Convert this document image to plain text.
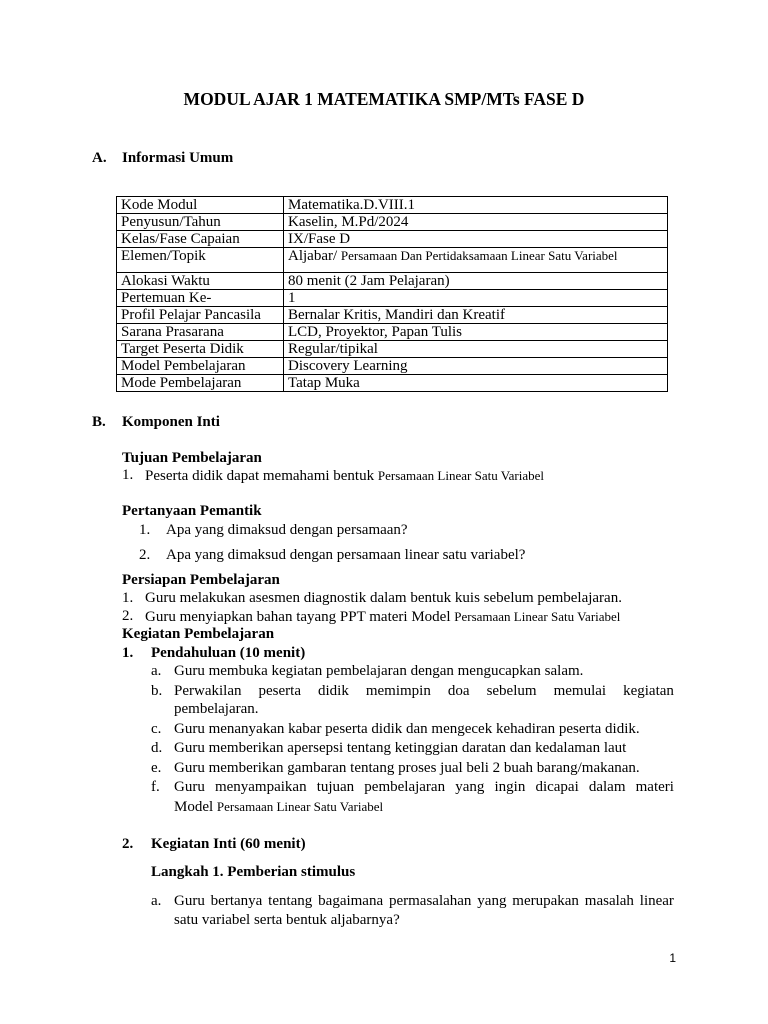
MODUL AJAR 1 MATEMATIKA SMP/MTs FASE D
A. Informasi Umum
Kode Modul	Matematika.D.VIII.1
Penyusun/Tahun	Kaselin, M.Pd/2024
Kelas/Fase Capaian	IX/Fase D
Elemen/Topik	Aljabar/ Persamaan Dan Pertidaksamaan Linear Satu Variabel
Alokasi Waktu	80 menit (2 Jam Pelajaran)
Pertemuan Ke-	1
Profil Pelajar Pancasila	Bernalar Kritis, Mandiri dan Kreatif
Sarana Prasarana	LCD, Proyektor, Papan Tulis
Target Peserta Didik	Regular/tipikal
Model Pembelajaran	Discovery Learning
Mode Pembelajaran	Tatap Muka
B. Komponen Inti
Tujuan Pembelajaran
1. Peserta didik dapat memahami bentuk Persamaan Linear Satu Variabel
Pertanyaan Pemantik
1. Apa yang dimaksud dengan persamaan?
2. Apa yang dimaksud dengan persamaan linear satu variabel?
Persiapan Pembelajaran
1. Guru melakukan asesmen diagnostik dalam bentuk kuis sebelum pembelajaran.
2. Guru menyiapkan bahan tayang PPT materi Model Persamaan Linear Satu Variabel
Kegiatan Pembelajaran
1. Pendahuluan (10 menit)
a. Guru membuka kegiatan pembelajaran dengan mengucapkan salam.
b. Perwakilan peserta didik memimpin doa sebelum memulai kegiatan
pembelajaran.
c. Guru menanyakan kabar peserta didik dan mengecek kehadiran peserta didik.
d. Guru memberikan apersepsi tentang ketinggian daratan dan kedalaman laut
e. Guru memberikan gambaran tentang proses jual beli 2 buah barang/makanan.
f. Guru menyampaikan tujuan pembelajaran yang ingin dicapai dalam materi
Model Persamaan Linear Satu Variabel
2. Kegiatan Inti (60 menit)
Langkah 1. Pemberian stimulus
a. Guru bertanya tentang bagaimana permasalahan yang merupakan masalah linear
satu variabel serta bentuk aljabarnya?
1
